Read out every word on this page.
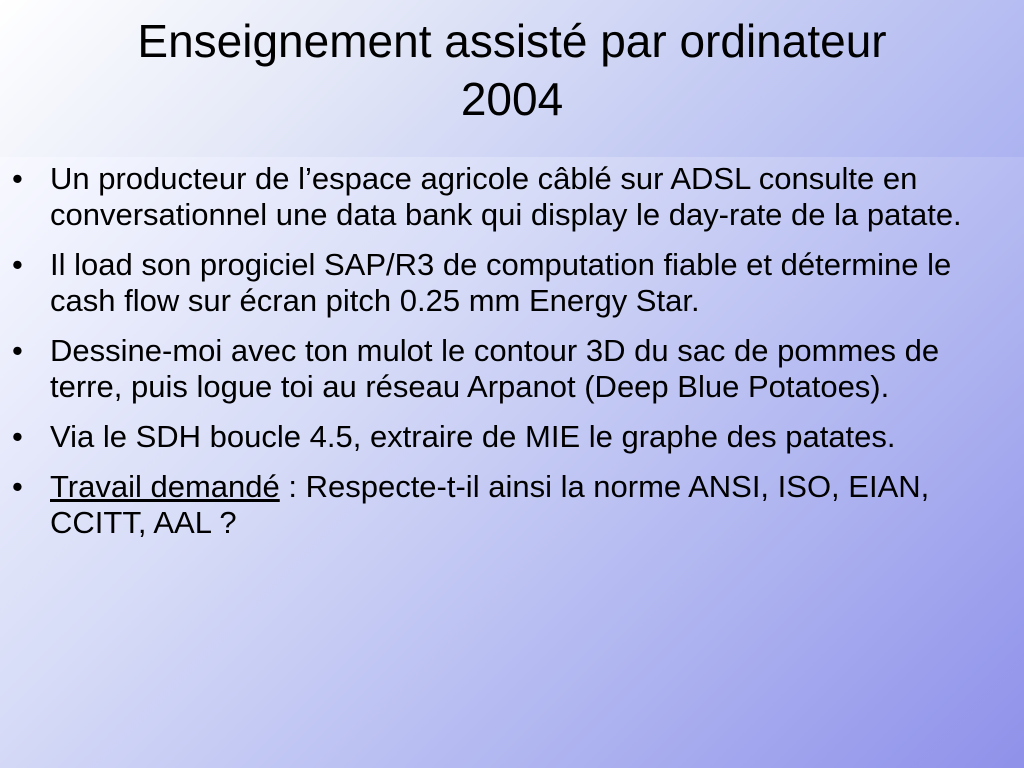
Enseignement assisté par ordinateur
2004
• Un producteur de l’espace agricole câblé sur ADSL consulte en conversationnel une data bank qui display le day-rate de la patate.
• Il load son progiciel SAP/R3 de computation fiable et détermine le cash flow sur écran pitch 0.25 mm Energy Star.
• Dessine-moi avec ton mulot le contour 3D du sac de pommes de terre, puis logue toi au réseau Arpanot (Deep Blue Potatoes).
• Via le SDH boucle 4.5, extraire de MIE le graphe des patates.
• Travail demandé : Respecte-t-il ainsi la norme ANSI, ISO, EIAN, CCITT, AAL ?
